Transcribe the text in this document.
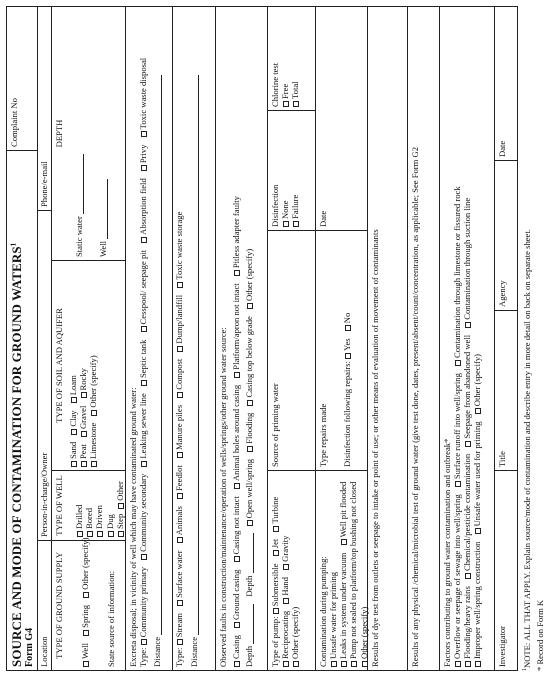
SOURCE AND MODE OF CONTAMINATION FOR GROUND WATERS$^1$
Form G4
Complaint No
Location
Person-in-charge/Owner
Phone/e-mail
TYPE OF GROUND SUPPLY Well Spring Other (specify)
State source of information:
TYPE OF WELL DrilledBored
DrivenDug
StepOther
TYPE OF SOIL AND AQUIFER
Sand Clay Loam
Peat Gravel Rocky
Limestone Other (specify)
DEPTH
Static water Well
Excreta disposal; in vicinity of well which may have contaminated ground water: Type: Community primary Community secondary Leaking sewer line Septic tank Cesspool/ seepage pit Absorption field Privy Toxic waste disposal
Distance Type: Stream Surface water Animals Feedlot Manure piles Compost Dump/landfill Toxic waste storage
Distance Observed faults in construction/maintenance/operation of wells/springs/other ground water source: Casing Ground casing Casing not intact Animal holes around casing Platform/apron not intact Pitless adapter faulty
Depth  Depth  Open well/spring Flooding Casing top below grade Other (specify)
Type of pump: Submersible Jet Turbine
Reciprocating Hand Gravity Other (specify)
Source of priming water
Disinfection None
Failure
Chlorine test Free
Total
Contamination during pumping: Unsafe water for priming
Leaks in system under vacuum Well pit flooded
Pump not sealed to platform/top bushing not closed
Other (specify)
Type repairs made Disinfection following repairs: Yes No
Date
Results of dye test from outlets or seepage to intake or point of use; or other means of evaluation of movement of contaminants	Results of any physical /chemical/microbial test of ground water (give test done, dates, present/absent/count/concentration, as applicable; See Form G2	Factors contributing to ground water contamination and outbreak* Overflow or seepage of sewage into well/spring Surface runoff into well/spring Contamination through limestone or fissured rock
Flooding/heavy rains Chemical/pesticide contamination Seepage from abandoned well Contamination through suction line
Improper well/spring construction Unsafe water used for priming Other (specify)
Investigator
Title
Agency
Date
$^1$NOTE: ALL THAT APPLY. Explain source/mode of contamination and describe entry in more detail on back on separate sheet. * Record on Form K
